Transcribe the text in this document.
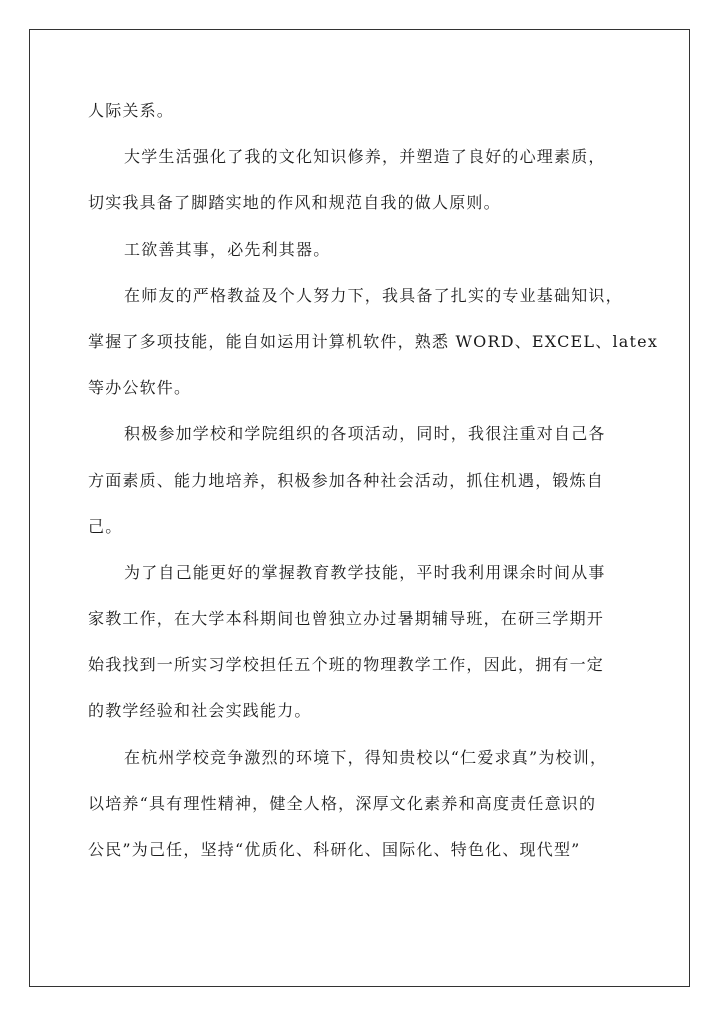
人际关系。
大学生活强化了我的文化知识修养，并塑造了良好的心理素质，
切实我具备了脚踏实地的作风和规范自我的做人原则。
工欲善其事，必先利其器。
在师友的严格教益及个人努力下，我具备了扎实的专业基础知识，
掌握了多项技能，能自如运用计算机软件，熟悉 WORD、EXCEL、latex
等办公软件。
积极参加学校和学院组织的各项活动，同时，我很注重对自己各
方面素质、能力地培养，积极参加各种社会活动，抓住机遇，锻炼自
己。
为了自己能更好的掌握教育教学技能，平时我利用课余时间从事
家教工作，在大学本科期间也曾独立办过暑期辅导班，在研三学期开
始我找到一所实习学校担任五个班的物理教学工作，因此，拥有一定
的教学经验和社会实践能力。
在杭州学校竞争激烈的环境下，得知贵校以“仁爱求真”为校训，
以培养“具有理性精神，健全人格，深厚文化素养和高度责任意识的
公民”为己任，坚持“优质化、科研化、国际化、特色化、现代型”
